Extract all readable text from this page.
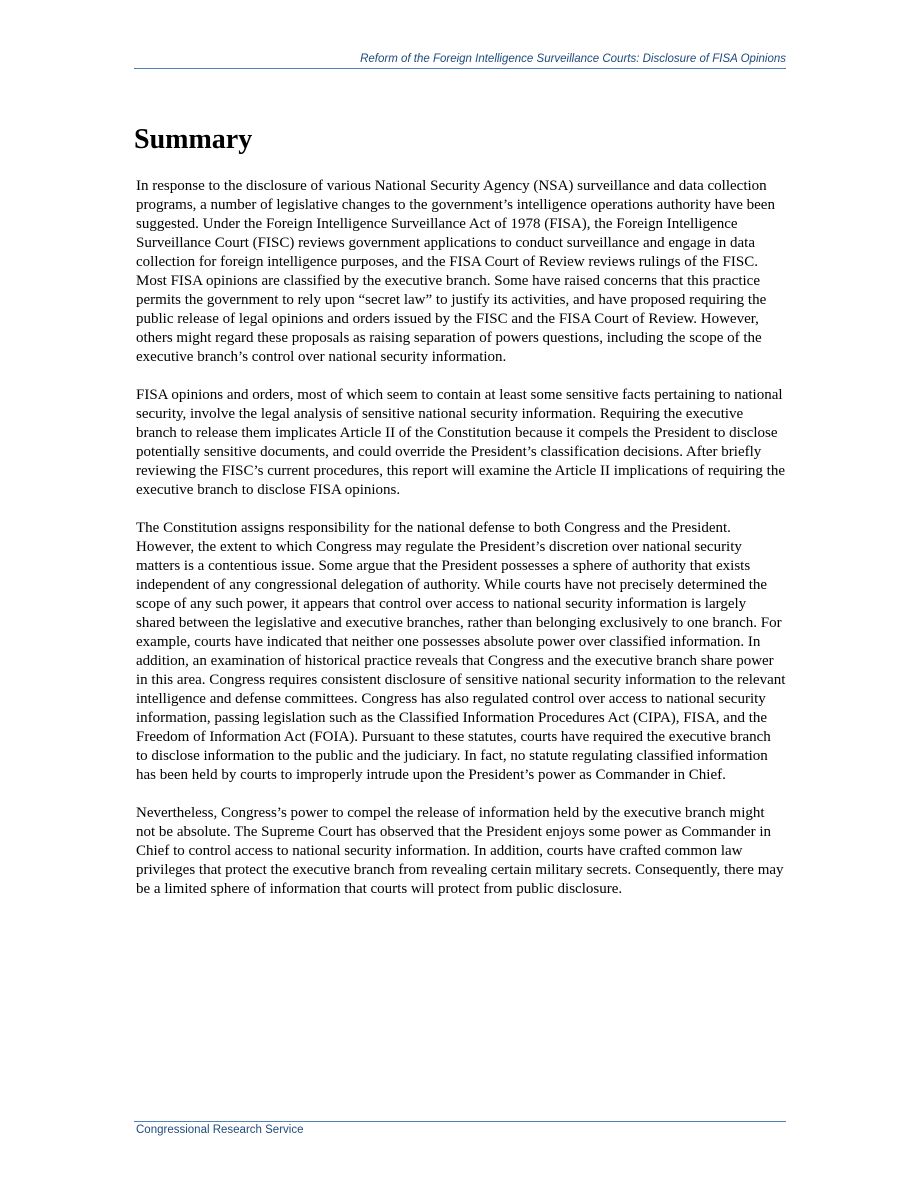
Reform of the Foreign Intelligence Surveillance Courts: Disclosure of FISA Opinions
Summary

In response to the disclosure of various National Security Agency (NSA) surveillance and data collection programs, a number of legislative changes to the government’s intelligence operations authority have been suggested. Under the Foreign Intelligence Surveillance Act of 1978 (FISA), the Foreign Intelligence Surveillance Court (FISC) reviews government applications to conduct surveillance and engage in data collection for foreign intelligence purposes, and the FISA Court of Review reviews rulings of the FISC. Most FISA opinions are classified by the executive branch. Some have raised concerns that this practice permits the government to rely upon “secret law” to justify its activities, and have proposed requiring the public release of legal opinions and orders issued by the FISC and the FISA Court of Review. However, others might regard these proposals as raising separation of powers questions, including the scope of the executive branch’s control over national security information.

FISA opinions and orders, most of which seem to contain at least some sensitive facts pertaining to national security, involve the legal analysis of sensitive national security information. Requiring the executive branch to release them implicates Article II of the Constitution because it compels the President to disclose potentially sensitive documents, and could override the President’s classification decisions. After briefly reviewing the FISC’s current procedures, this report will examine the Article II implications of requiring the executive branch to disclose FISA opinions.

The Constitution assigns responsibility for the national defense to both Congress and the President. However, the extent to which Congress may regulate the President’s discretion over national security matters is a contentious issue. Some argue that the President possesses a sphere of authority that exists independent of any congressional delegation of authority. While courts have not precisely determined the scope of any such power, it appears that control over access to national security information is largely shared between the legislative and executive branches, rather than belonging exclusively to one branch. For example, courts have indicated that neither one possesses absolute power over classified information. In addition, an examination of historical practice reveals that Congress and the executive branch share power in this area. Congress requires consistent disclosure of sensitive national security information to the relevant intelligence and defense committees. Congress has also regulated control over access to national security information, passing legislation such as the Classified Information Procedures Act (CIPA), FISA, and the Freedom of Information Act (FOIA). Pursuant to these statutes, courts have required the executive branch to disclose information to the public and the judiciary. In fact, no statute regulating classified information has been held by courts to improperly intrude upon the President’s power as Commander in Chief.

Nevertheless, Congress’s power to compel the release of information held by the executive branch might not be absolute. The Supreme Court has observed that the President enjoys some power as Commander in Chief to control access to national security information. In addition, courts have crafted common law privileges that protect the executive branch from revealing certain military secrets. Consequently, there may be a limited sphere of information that courts will protect from public disclosure.

Congressional Research Service
